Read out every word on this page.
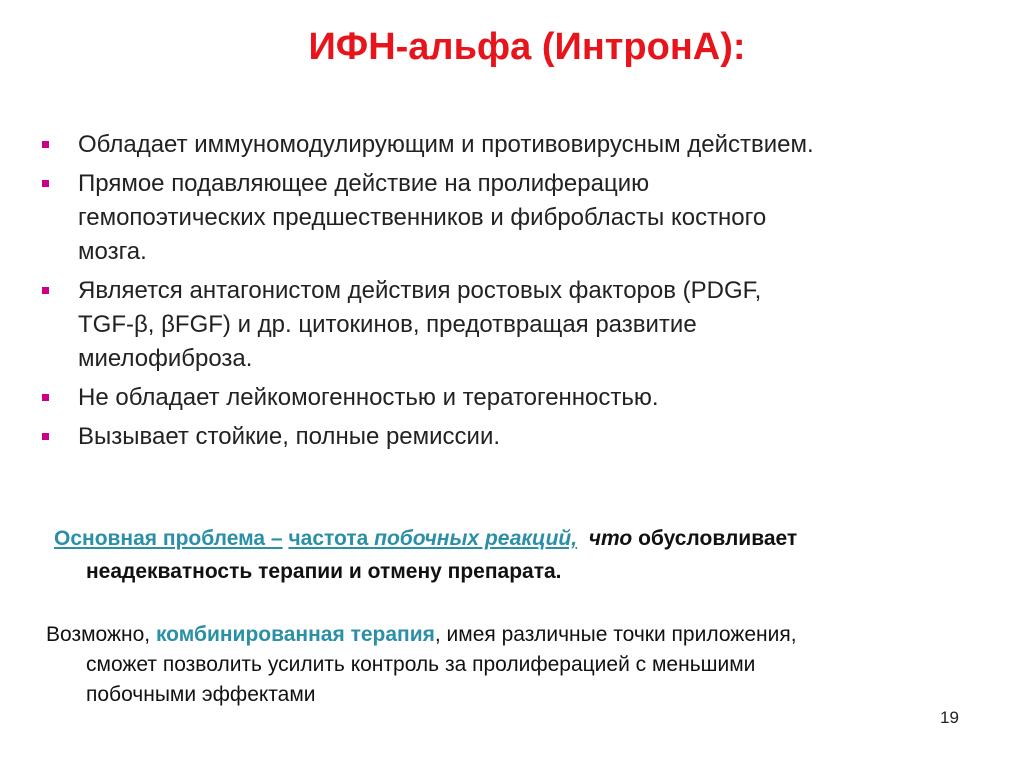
ИФН-альфа (ИнтронА):
Обладает иммуномодулирующим и противовирусным действием.
Прямое подавляющее действие на пролиферацию
гемопоэтических предшественников и фибробласты костного
мозга.
Является антагонистом действия ростовых факторов (PDGF,
TGF-β, βFGF) и др. цитокинов, предотвращая развитие
миелофиброза.
Не обладает лейкомогенностью и тератогенностью.
Вызывает стойкие, полные ремиссии.
Основная проблема – частота побочных реакций, что обусловливает
неадекватность терапии и отмену препарата.
Возможно, комбинированная терапия, имея различные точки приложения,
сможет позволить усилить контроль за пролиферацией с меньшими
побочными эффектами
19
